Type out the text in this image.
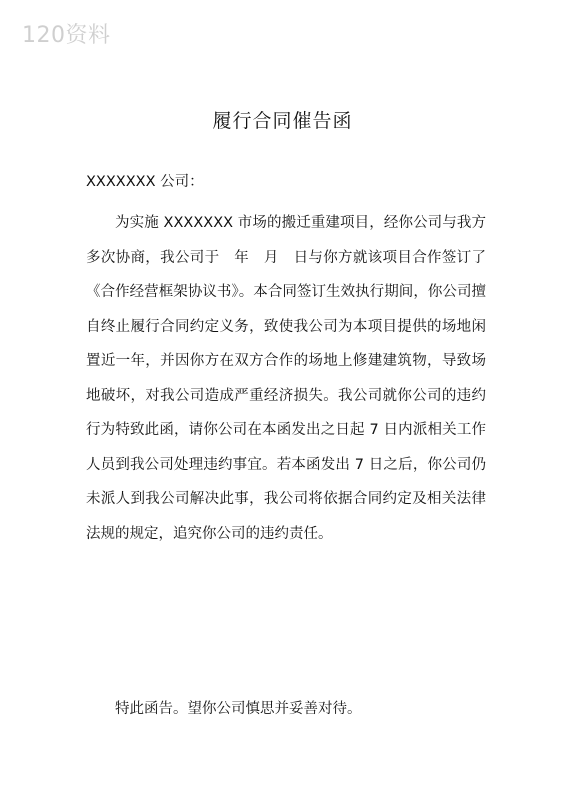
120资料
履行合同催告函
XXXXXXX 公司：

为实施 XXXXXXX 市场的搬迁重建项目，经你公司与我方多次协商，我公司于　年　月　日与你方就该项目合作签订了《合作经营框架协议书》。本合同签订生效执行期间，你公司擅自终止履行合同约定义务，致使我公司为本项目提供的场地闲置近一年，并因你方在双方合作的场地上修建建筑物，导致场地破坏，对我公司造成严重经济损失。我公司就你公司的违约行为特致此函，请你公司在本函发出之日起 7 日内派相关工作人员到我公司处理违约事宜。若本函发出 7 日之后，你公司仍未派人到我公司解决此事，我公司将依据合同约定及相关法律法规的规定，追究你公司的违约责任。

特此函告。望你公司慎思并妥善对待。
